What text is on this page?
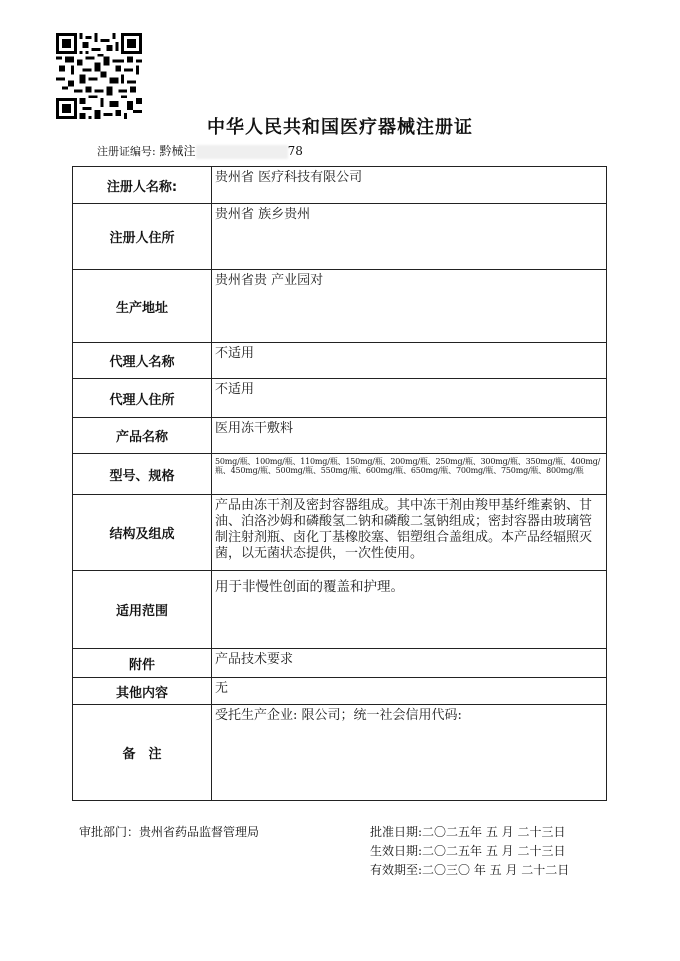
中华人民共和国医疗器械注册证
注册证编号: 黔械注	78
注册人名称:	贵州省 医疗科技有限公司
注册人住所	贵州省 族乡贵州
生产地址	贵州省贵 产业园对
代理人名称	不适用
代理人住所	不适用
产品名称	医用冻干敷料
型号、规格	50mg/瓶、100mg/瓶、110mg/瓶、150mg/瓶、200mg/瓶、250mg/瓶、300mg/瓶、350mg/瓶、400mg/瓶、450mg/瓶、500mg/瓶、550mg/瓶、600mg/瓶、650mg/瓶、700mg/瓶、750mg/瓶、800mg/瓶
结构及组成	产品由冻干剂及密封容器组成。其中冻干剂由羧甲基纤维素钠、甘油、泊洛沙姆和磷酸氢二钠和磷酸二氢钠组成；密封容器由玻璃管制注射剂瓶、卤化丁基橡胶塞、铝塑组合盖组成。本产品经辐照灭菌，以无菌状态提供，一次性使用。
适用范围	用于非慢性创面的覆盖和护理。
附件	产品技术要求
其他内容	无
备　注	受托生产企业: 限公司；统一社会信用代码:
审批部门：贵州省药品监督管理局	批准日期:二〇二五年 五 月 二十三日
生效日期:二〇二五年 五 月 二十三日
有效期至:二〇三〇 年 五 月 二十二日
